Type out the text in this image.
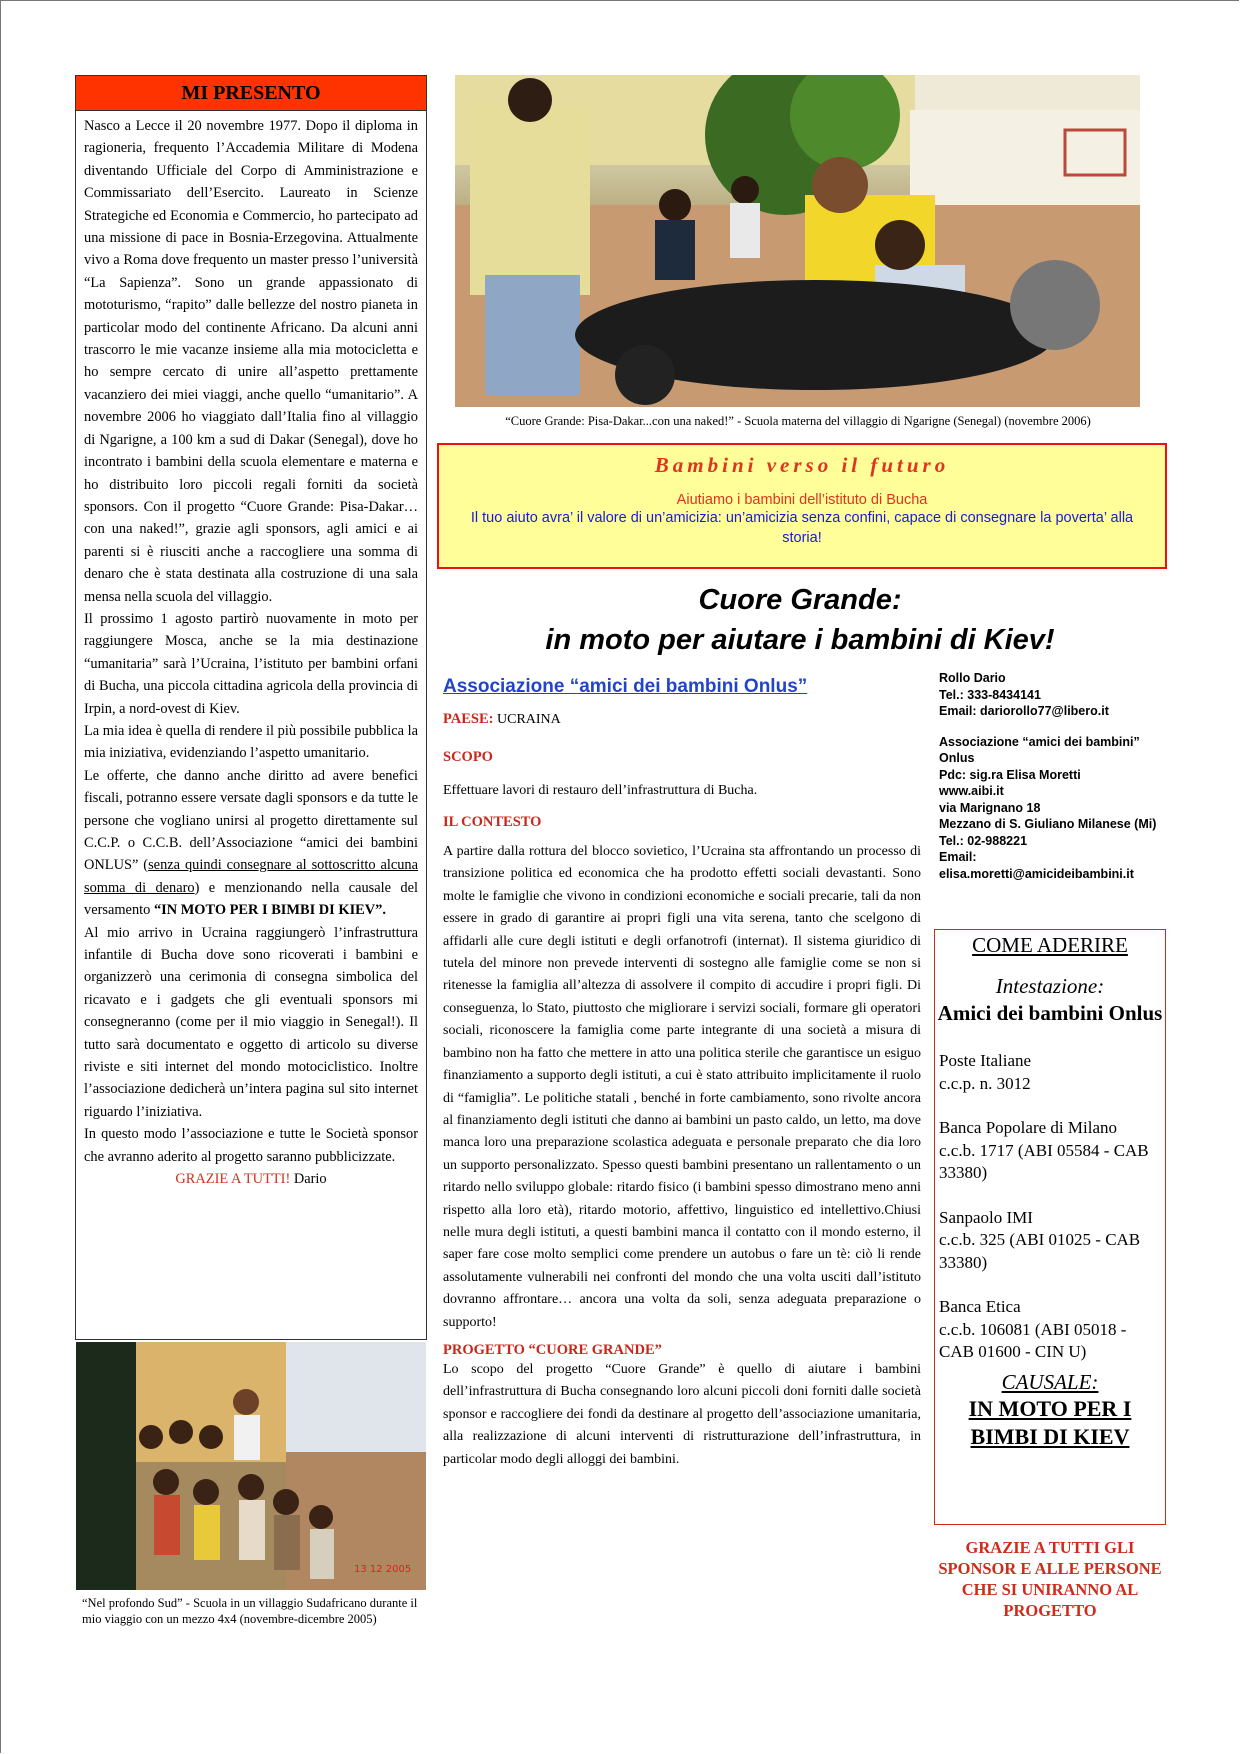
MI PRESENTO

Nasco a Lecce il 20 novembre 1977. Dopo il diploma in ragioneria, frequento l’Accademia Militare di Modena diventando Ufficiale del Corpo di Amministrazione e Commissariato dell’Esercito. Laureato in Scienze Strategiche ed Economia e Commercio, ho partecipato ad una missione di pace in Bosnia-Erzegovina. Attualmente vivo a Roma dove frequento un master presso l’università “La Sapienza”. Sono un grande appassionato di mototurismo, “rapito” dalle bellezze del nostro pianeta in particolar modo del continente Africano. Da alcuni anni trascorro le mie vacanze insieme alla mia motocicletta e ho sempre cercato di unire all’aspetto prettamente vacanziero dei miei viaggi, anche quello “umanitario”. A novembre 2006 ho viaggiato dall’Italia fino al villaggio di Ngarigne, a 100 km a sud di Dakar (Senegal), dove ho incontrato i bambini della scuola elementare e materna e ho distribuito loro piccoli regali forniti da società sponsors. Con il progetto “Cuore Grande: Pisa-Dakar…con una naked!”, grazie agli sponsors, agli amici e ai parenti si è riusciti anche a raccogliere una somma di denaro che è stata destinata alla costruzione di una sala mensa nella scuola del villaggio.

Il prossimo 1 agosto partirò nuovamente in moto per raggiungere Mosca, anche se la mia destinazione “umanitaria” sarà l’Ucraina, l’istituto per bambini orfani di Bucha, una piccola cittadina agricola della provincia di Irpin, a nord-ovest di Kiev.

La mia idea è quella di rendere il più possibile pubblica la mia iniziativa, evidenziando l’aspetto umanitario.

Le offerte, che danno anche diritto ad avere benefici fiscali, potranno essere versate dagli sponsors e da tutte le persone che vogliano unirsi al progetto direttamente sul C.C.P. o C.C.B. dell’Associazione “amici dei bambini ONLUS” (senza quindi consegnare al sottoscritto alcuna somma di denaro) e menzionando nella causale del versamento “IN MOTO PER I BIMBI DI KIEV”.

Al mio arrivo in Ucraina raggiungerò l’infrastruttura infantile di Bucha dove sono ricoverati i bambini e organizzerò una cerimonia di consegna simbolica del ricavato e i gadgets che gli eventuali sponsors mi consegneranno (come per il mio viaggio in Senegal!). Il tutto sarà documentato e oggetto di articolo su diverse riviste e siti internet del mondo motociclistico. Inoltre l’associazione dedicherà un’intera pagina sul sito internet riguardo l’iniziativa.

In questo modo l’associazione e tutte le Società sponsor che avranno aderito al progetto saranno pubblicizzate.

GRAZIE A TUTTI! Dario
“Cuore Grande: Pisa-Dakar...con una naked!” - Scuola materna del villaggio di Ngarigne (Senegal) (novembre 2006)
Bambini verso il futuro
Aiutiamo i bambini dell’istituto di Bucha
Il tuo aiuto avra’ il valore di un’amicizia: un’amicizia senza confini, capace di consegnare la poverta’ alla storia!
Cuore Grande:
in moto per aiutare i bambini di Kiev!
Associazione “amici dei bambini Onlus”

PAESE: UCRAINA

SCOPO

Effettuare lavori di restauro dell’infrastruttura di Bucha.

IL CONTESTO

A partire dalla rottura del blocco sovietico, l’Ucraina sta affrontando un processo di transizione politica ed economica che ha prodotto effetti sociali devastanti. Sono molte le famiglie che vivono in condizioni economiche e sociali precarie, tali da non essere in grado di garantire ai propri figli una vita serena, tanto che scelgono di affidarli alle cure degli istituti e degli orfanotrofi (internat). Il sistema giuridico di tutela del minore non prevede interventi di sostegno alle famiglie come se non si ritenesse la famiglia all’altezza di assolvere il compito di accudire i propri figli. Di conseguenza, lo Stato, piuttosto che migliorare i servizi sociali, formare gli operatori sociali, riconoscere la famiglia come parte integrante di una società a misura di bambino non ha fatto che mettere in atto una politica sterile che garantisce un esiguo finanziamento a supporto degli istituti, a cui è stato attribuito implicitamente il ruolo di “famiglia”. Le politiche statali , benché in forte cambiamento, sono rivolte ancora al finanziamento degli istituti che danno ai bambini un pasto caldo, un letto, ma dove manca loro una preparazione scolastica adeguata e personale preparato che dia loro un supporto personalizzato. Spesso questi bambini presentano un rallentamento o un ritardo nello sviluppo globale: ritardo fisico (i bambini spesso dimostrano meno anni rispetto alla loro età), ritardo motorio, affettivo, linguistico ed intellettivo.Chiusi nelle mura degli istituti, a questi bambini manca il contatto con il mondo esterno, il saper fare cose molto semplici come prendere un autobus o fare un tè: ciò li rende assolutamente vulnerabili nei confronti del mondo che una volta usciti dall’istituto dovranno affrontare… ancora una volta da soli, senza adeguata preparazione o supporto!

PROGETTO “CUORE GRANDE”

Lo scopo del progetto “Cuore Grande” è quello di aiutare i bambini dell’infrastruttura di Bucha consegnando loro alcuni piccoli doni forniti dalle società sponsor e raccogliere dei fondi da destinare al progetto dell’associazione umanitaria, alla realizzazione di alcuni interventi di ristrutturazione dell’infrastruttura, in particolar modo degli alloggi dei bambini.

Rollo Dario
Tel.: 333-8434141
Email: dariorollo77@libero.it
Associazione “amici dei bambini” Onlus
Pdc: sig.ra Elisa Moretti
www.aibi.it
via Marignano 18
Mezzano di S. Giuliano Milanese (Mi)
Tel.: 02-988221
Email:
elisa.moretti@amicideibambini.it
COME ADERIRE
Intestazione:
Amici dei bambini Onlus
Poste Italiane
c.c.p. n. 3012
Banca Popolare di Milano
c.c.b. 1717 (ABI 05584 - CAB 33380)
Sanpaolo IMI
c.c.b. 325 (ABI 01025 - CAB 33380)
Banca Etica
c.c.b. 106081 (ABI 05018 - CAB 01600 - CIN U)
CAUSALE:
IN MOTO PER I BIMBI DI KIEV
GRAZIE A TUTTI GLI SPONSOR E ALLE PERSONE CHE SI UNIRANNO AL PROGETTO
13 12 2005
“Nel profondo Sud” - Scuola in un villaggio Sudafricano durante il mio viaggio con un mezzo 4x4 (novembre-dicembre 2005)
